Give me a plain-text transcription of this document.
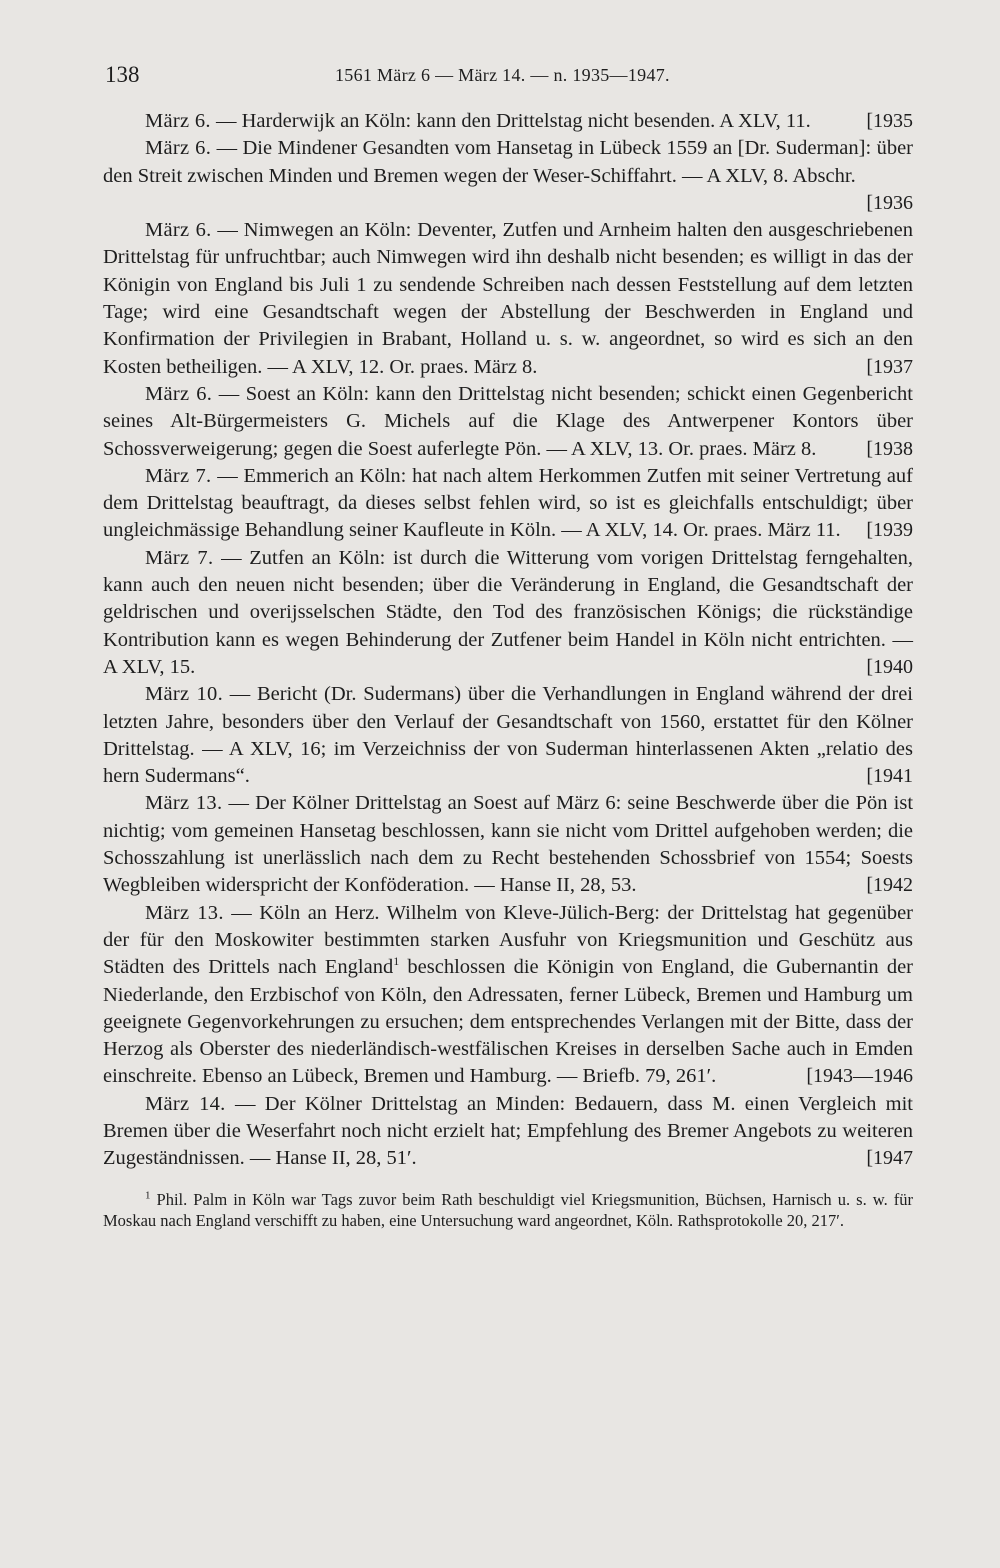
138	1561 März 6 — März 14. — n. 1935—1947.

März 6. — Harderwijk an Köln: kann den Drittelstag nicht besenden. A XLV, 11.	[1935

März 6. — Die Mindener Gesandten vom Hansetag in Lübeck 1559 an [Dr. Suderman]: über den Streit zwischen Minden und Bremen wegen der Weser-Schiffahrt. — A XLV, 8. Abschr.
[1936

März 6. — Nimwegen an Köln: Deventer, Zutfen und Arnheim halten den ausgeschriebenen Drittelstag für unfruchtbar; auch Nimwegen wird ihn deshalb nicht besenden; es willigt in das der Königin von England bis Juli 1 zu sendende Schreiben nach dessen Feststellung auf dem letzten Tage; wird eine Gesandtschaft wegen der Abstellung der Beschwerden in England und Konfirmation der Privilegien in Brabant, Holland u. s. w. angeordnet, so wird es sich an den Kosten betheiligen. — A XLV, 12. Or. praes. März 8.	[1937

März 6. — Soest an Köln: kann den Drittelstag nicht besenden; schickt einen Gegenbericht seines Alt-Bürgermeisters G. Michels auf die Klage des Antwerpener Kontors über Schossverweigerung; gegen die Soest auferlegte Pön. — A XLV, 13. Or. praes. März 8.	[1938

März 7. — Emmerich an Köln: hat nach altem Herkommen Zutfen mit seiner Vertretung auf dem Drittelstag beauftragt, da dieses selbst fehlen wird, so ist es gleichfalls entschuldigt; über ungleichmässige Behandlung seiner Kaufleute in Köln. — A XLV, 14. Or. praes. März 11.	[1939

März 7. — Zutfen an Köln: ist durch die Witterung vom vorigen Drittelstag ferngehalten, kann auch den neuen nicht besenden; über die Veränderung in England, die Gesandtschaft der geldrischen und overijsselschen Städte, den Tod des französischen Königs; die rückständige Kontribution kann es wegen Behinderung der Zutfener beim Handel in Köln nicht entrichten. — A XLV, 15.	[1940

März 10. — Bericht (Dr. Sudermans) über die Verhandlungen in England während der drei letzten Jahre, besonders über den Verlauf der Gesandtschaft von 1560, erstattet für den Kölner Drittelstag. — A XLV, 16; im Verzeichniss der von Suderman hinterlassenen Akten „relatio des hern Sudermans“.	[1941

März 13. — Der Kölner Drittelstag an Soest auf März 6: seine Beschwerde über die Pön ist nichtig; vom gemeinen Hansetag beschlossen, kann sie nicht vom Drittel aufgehoben werden; die Schosszahlung ist unerlässlich nach dem zu Recht bestehenden Schossbrief von 1554; Soests Wegbleiben widerspricht der Konföderation. — Hanse II, 28, 53.	[1942

März 13. — Köln an Herz. Wilhelm von Kleve-Jülich-Berg: der Drittelstag hat gegenüber der für den Moskowiter bestimmten starken Ausfuhr von Kriegsmunition und Geschütz aus Städten des Drittels nach England$^1$ beschlossen die Königin von England, die Gubernantin der Niederlande, den Erzbischof von Köln, den Adressaten, ferner Lübeck, Bremen und Hamburg um geeignete Gegenvorkehrungen zu ersuchen; dem entsprechendes Verlangen mit der Bitte, dass der Herzog als Oberster des niederländisch-westfälischen Kreises in derselben Sache auch in Emden einschreite. Ebenso an Lübeck, Bremen und Hamburg. — Briefb. 79, 261′.	[1943—1946

März 14. — Der Kölner Drittelstag an Minden: Bedauern, dass M. einen Vergleich mit Bremen über die Weserfahrt noch nicht erzielt hat; Empfehlung des Bremer Angebots zu weiteren Zugeständnissen. — Hanse II, 28, 51′.	[1947

$^1$ Phil. Palm in Köln war Tags zuvor beim Rath beschuldigt viel Kriegsmunition, Büchsen, Harnisch u. s. w. für Moskau nach England verschifft zu haben, eine Untersuchung ward angeordnet, Köln. Rathsprotokolle 20, 217′.
